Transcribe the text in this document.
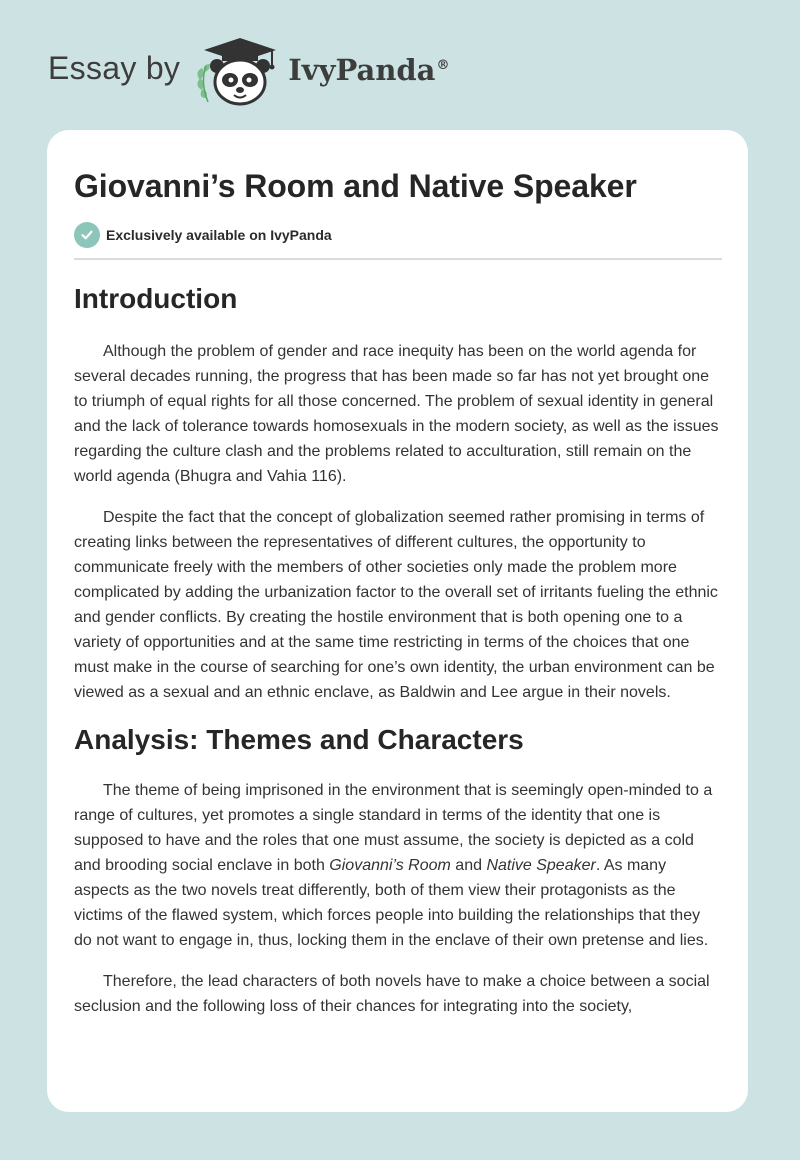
Essay by	IvyPanda®
Giovanni’s Room and Native Speaker
Exclusively available on IvyPanda
Introduction

Although the problem of gender and race inequity has been on the world agenda for several decades running, the progress that has been made so far has not yet brought one to triumph of equal rights for all those concerned. The problem of sexual identity in general and the lack of tolerance towards homosexuals in the modern society, as well as the issues regarding the culture clash and the problems related to acculturation, still remain on the world agenda (Bhugra and Vahia 116).

Despite the fact that the concept of globalization seemed rather promising in terms of creating links between the representatives of different cultures, the opportunity to communicate freely with the members of other societies only made the problem more complicated by adding the urbanization factor to the overall set of irritants fueling the ethnic and gender conflicts. By creating the hostile environment that is both opening one to a variety of opportunities and at the same time restricting in terms of the choices that one must make in the course of searching for one’s own identity, the urban environment can be viewed as a sexual and an ethnic enclave, as Baldwin and Lee argue in their novels.

Analysis: Themes and Characters

The theme of being imprisoned in the environment that is seemingly open-minded to a range of cultures, yet promotes a single standard in terms of the identity that one is supposed to have and the roles that one must assume, the society is depicted as a cold and brooding social enclave in both Giovanni’s Room and Native Speaker. As many aspects as the two novels treat differently, both of them view their protagonists as the victims of the flawed system, which forces people into building the relationships that they do not want to engage in, thus, locking them in the enclave of their own pretense and lies.

Therefore, the lead characters of both novels have to make a choice between a social seclusion and the following loss of their chances for integrating into the society,
